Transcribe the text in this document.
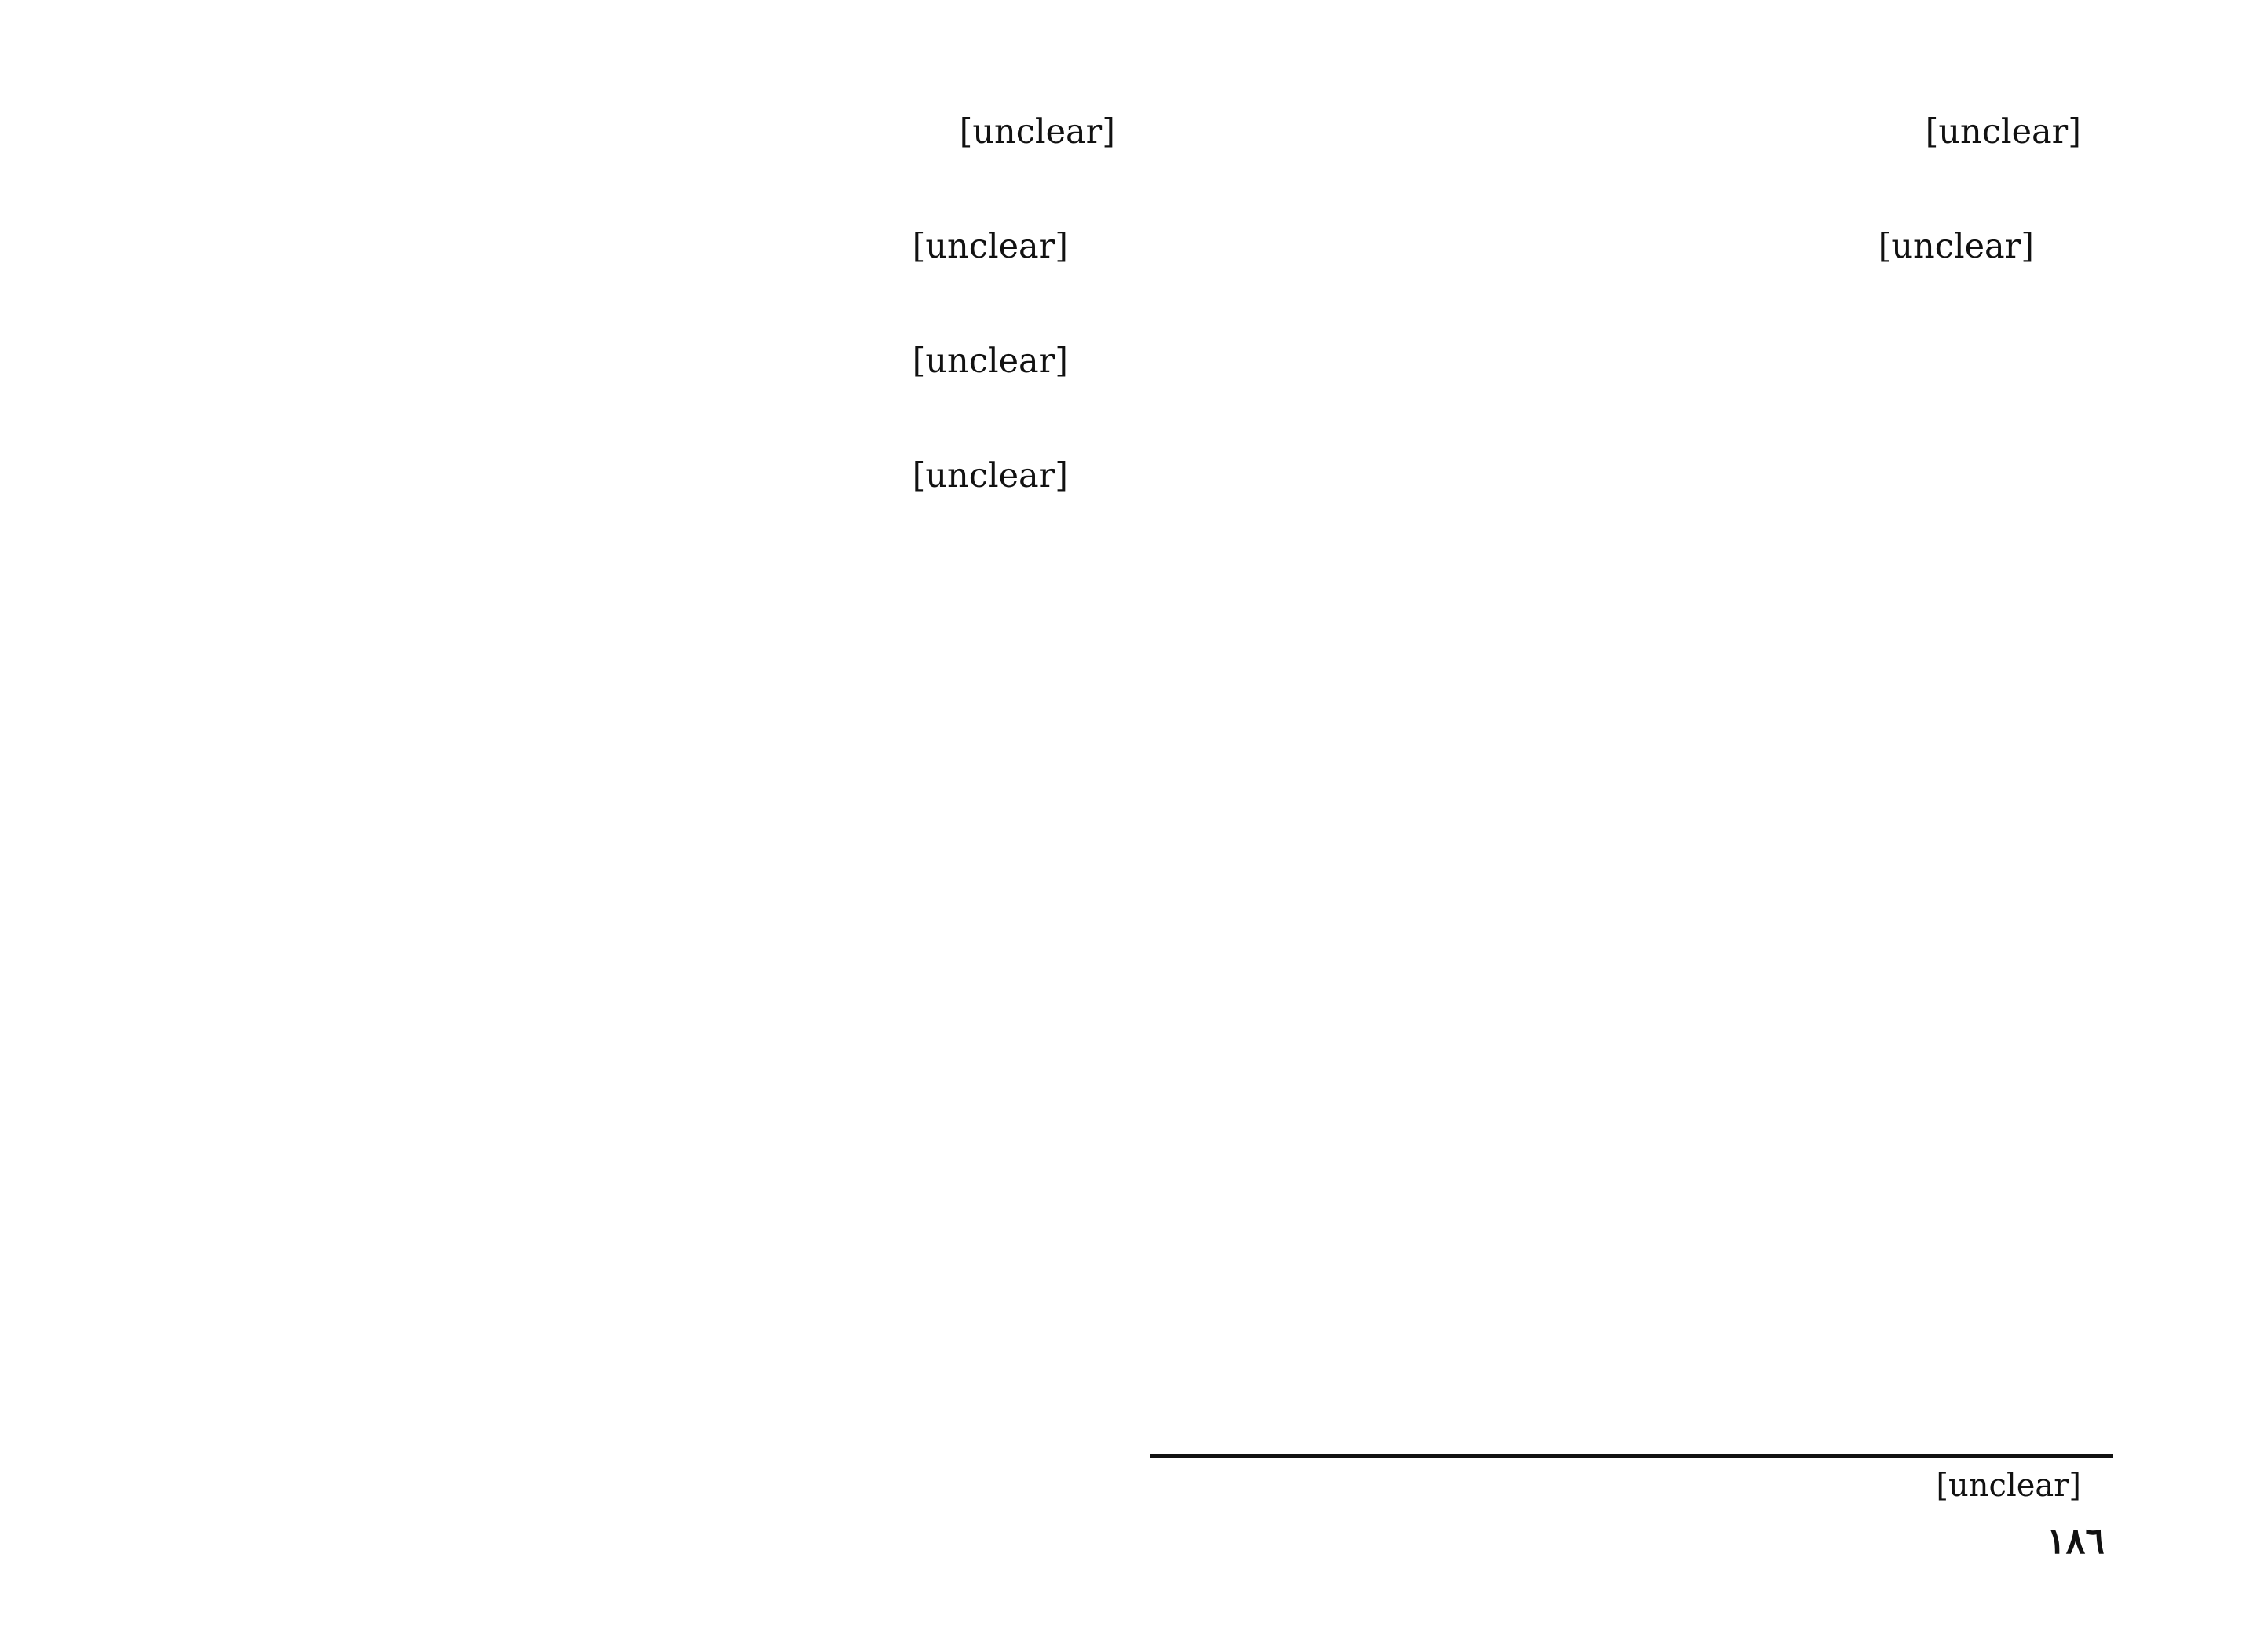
[unclear]

[unclear]

[unclear]

[unclear]

[unclear]

[unclear]

[unclear]
١٨٦
